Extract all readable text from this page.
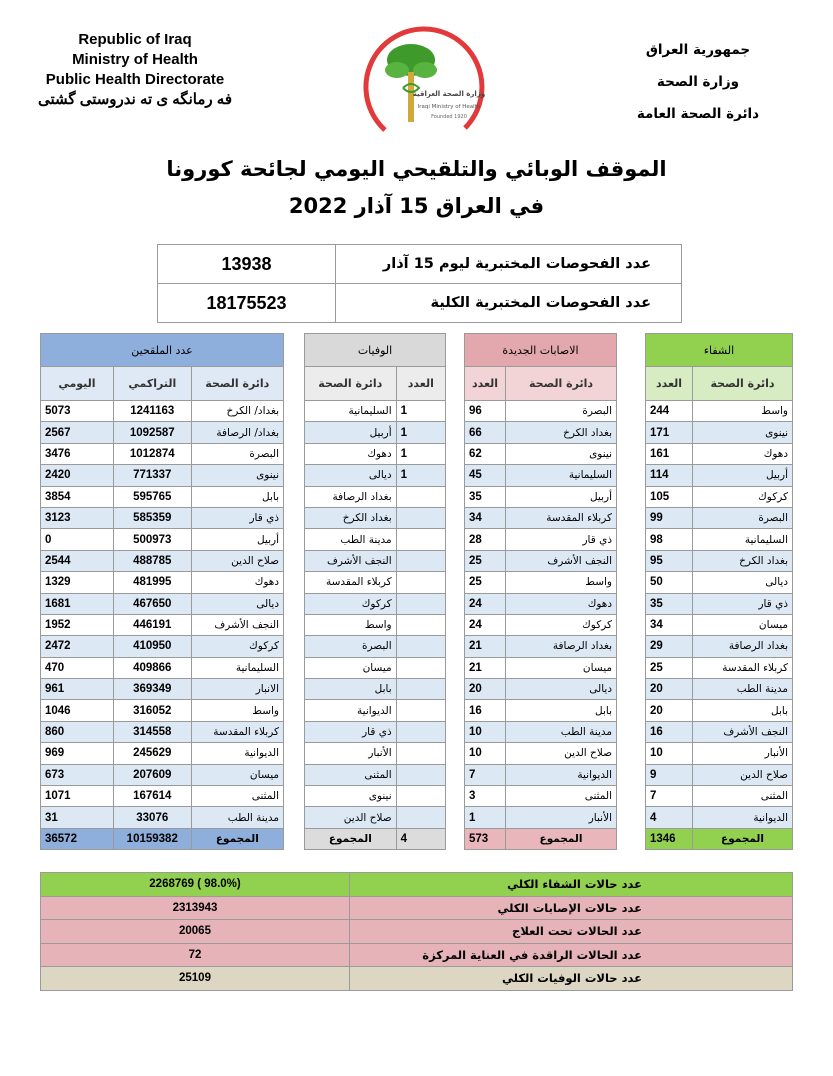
Republic of Iraq
Ministry of Health
Public Health Directorate
فه رمانگه ی ته ندروستی گشتی	وزارة الصحة العراقية
Iraqi Ministry of Health
Founded 1920
جمهورية العراق
وزارة الصحة
دائرة الصحة العامة
الموقف الوبائي والتلقيحي اليومي لجائحة كورونا
في العراق 15 آذار 2022
13938	عدد الفحوصات المختبرية ليوم 15 آذار
18175523	عدد الفحوصات المختبرية الكلية
عدد الملقحين		
اليومي	التراكمي	دائرة الصحة
5073	1241163	بغداد/ الكرخ
2567	1092587	بغداد/ الرصافة
3476	1012874	البصرة
2420	771337	نينوى
3854	595765	بابل
3123	585359	ذي قار
0	500973	أربيل
2544	488785	صلاح الدين
1329	481995	دهوك
1681	467650	ديالى
1952	446191	النجف الأشرف
2472	410950	كركوك
470	409866	السليمانية
961	369349	الانبار
1046	316052	واسط
860	314558	كربلاء المقدسة
969	245629	الديوانية
673	207609	ميسان
1071	167614	المثنى
31	33076	مدينة الطب
36572	10159382	المجموع
الوفيات	
دائرة الصحة	العدد
السليمانية	1
أربيل	1
دهوك	1
ديالى	1
بغداد الرصافة	
بغداد الكرخ	
مدينة الطب	
النجف الأشرف	
كربلاء المقدسة	
كركوك	
واسط	
البصرة	
ميسان	
بابل	
الديوانية	
ذي قار	
الأنبار	
المثنى	
نينوى	
صلاح الدين	
المجموع	4
الاصابات الجديدة	
العدد	دائرة الصحة
96	البصرة
66	بغداد الكرخ
62	نينوى
45	السليمانية
35	أربيل
34	كربلاء المقدسة
28	ذي قار
25	النجف الأشرف
25	واسط
24	دهوك
24	كركوك
21	بغداد الرصافة
21	ميسان
20	ديالى
16	بابل
10	مدينة الطب
10	صلاح الدين
7	الديوانية
3	المثنى
1	الأنبار
573	المجموع
الشفاء	
العدد	دائرة الصحة
244	واسط
171	نينوى
161	دهوك
114	أربيل
105	كركوك
99	البصرة
98	السليمانية
95	بغداد الكرخ
50	ديالى
35	ذي قار
34	ميسان
29	بغداد الرصافة
25	كربلاء المقدسة
20	مدينة الطب
20	بابل
16	النجف الأشرف
10	الأنبار
9	صلاح الدين
7	المثنى
4	الديوانية
1346	المجموع
2268769 ( 98.0%)	عدد حالات الشفاء الكلي
2313943	عدد حالات الإصابات الكلي
20065	عدد الحالات تحت العلاج
72	عدد الحالات الراقدة في العناية المركزة
25109	عدد حالات الوفيات الكلي
